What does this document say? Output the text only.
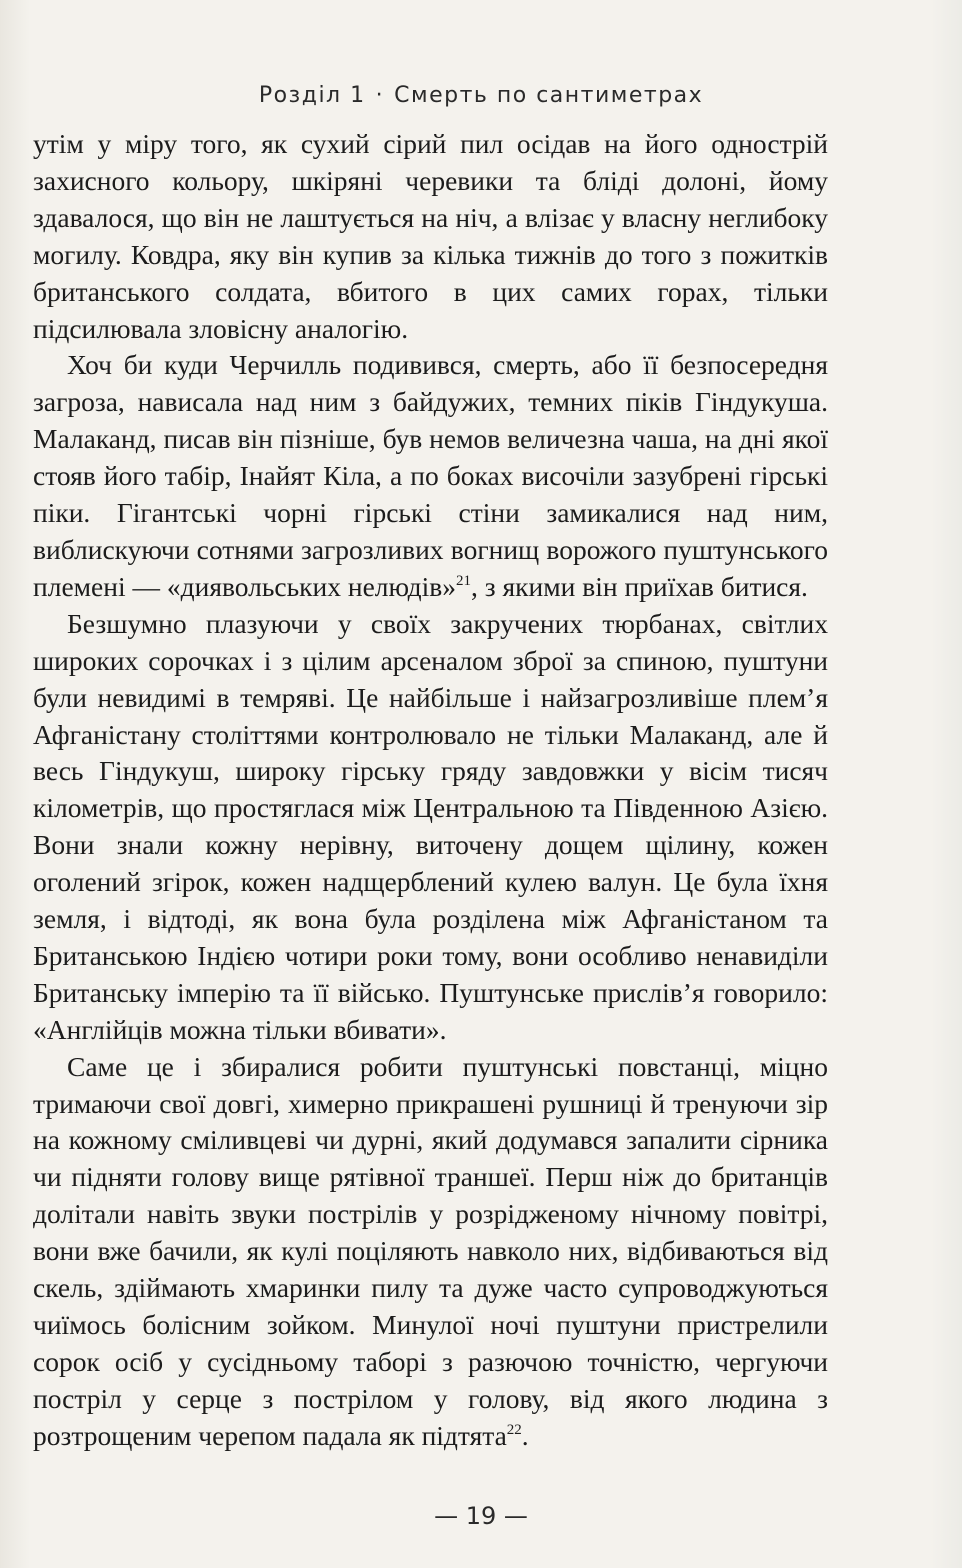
Розділ 1 · Смерть по сантиметрах

утім у міру того, як сухий сірий пил осідав на його однострій захисного кольору, шкіряні черевики та бліді долоні, йому здавалося, що він не лаштується на ніч, а влізає у власну неглибоку могилу. Ковдра, яку він купив за кілька тижнів до того з пожитків британського солдата, вбитого в цих самих горах, тільки підсилювала зловісну аналогію.

Хоч би куди Черчилль подивився, смерть, або її безпосередня загроза, нависала над ним з байдужих, темних піків Гіндукуша. Малаканд, писав він пізніше, був немов величезна чаша, на дні якої стояв його табір, Інайят Кіла, а по боках височіли зазубрені гірські піки. Гігантські чорні гірські стіни замикалися над ним, виблискуючи сотнями загрозливих вогнищ ворожого пуштунського племені — «диявольських нелюдів»$^{21}$, з якими він приїхав битися.

Безшумно плазуючи у своїх закручених тюрбанах, світлих широких сорочках і з цілим арсеналом зброї за спиною, пуштуни були невидимі в темряві. Це найбільше і найзагрозливіше плем’я Афганістану століттями контролювало не тільки Малаканд, але й весь Гіндукуш, широку гірську гряду завдовжки у вісім тисяч кілометрів, що простяглася між Центральною та Південною Азією. Вони знали кожну нерівну, виточену дощем щілину, кожен оголений згірок, кожен надщерблений кулею валун. Це була їхня земля, і відтоді, як вона була розділена між Афганістаном та Британською Індією чотири роки тому, вони особливо ненавиділи Британську імперію та її військо. Пуштунське прислів’я говорило: «Англійців можна тільки вбивати».

Саме це і збиралися робити пуштунські повстанці, міцно тримаючи свої довгі, химерно прикрашені рушниці й тренуючи зір на кожному сміливцеві чи дурні, який додумався запалити сірника чи підняти голову вище рятівної траншеї. Перш ніж до британців долітали навіть звуки пострілів у розрідженому нічному повітрі, вони вже бачили, як кулі поціляють навколо них, відбиваються від скель, здіймають хмаринки пилу та дуже часто супроводжуються чиїмось болісним зойком. Минулої ночі пуштуни пристрелили сорок осіб у сусідньому таборі з разючою точністю, чергуючи постріл у серце з пострілом у голову, від якого людина з розтрощеним черепом падала як підтята$^{22}$.

— 19 —
